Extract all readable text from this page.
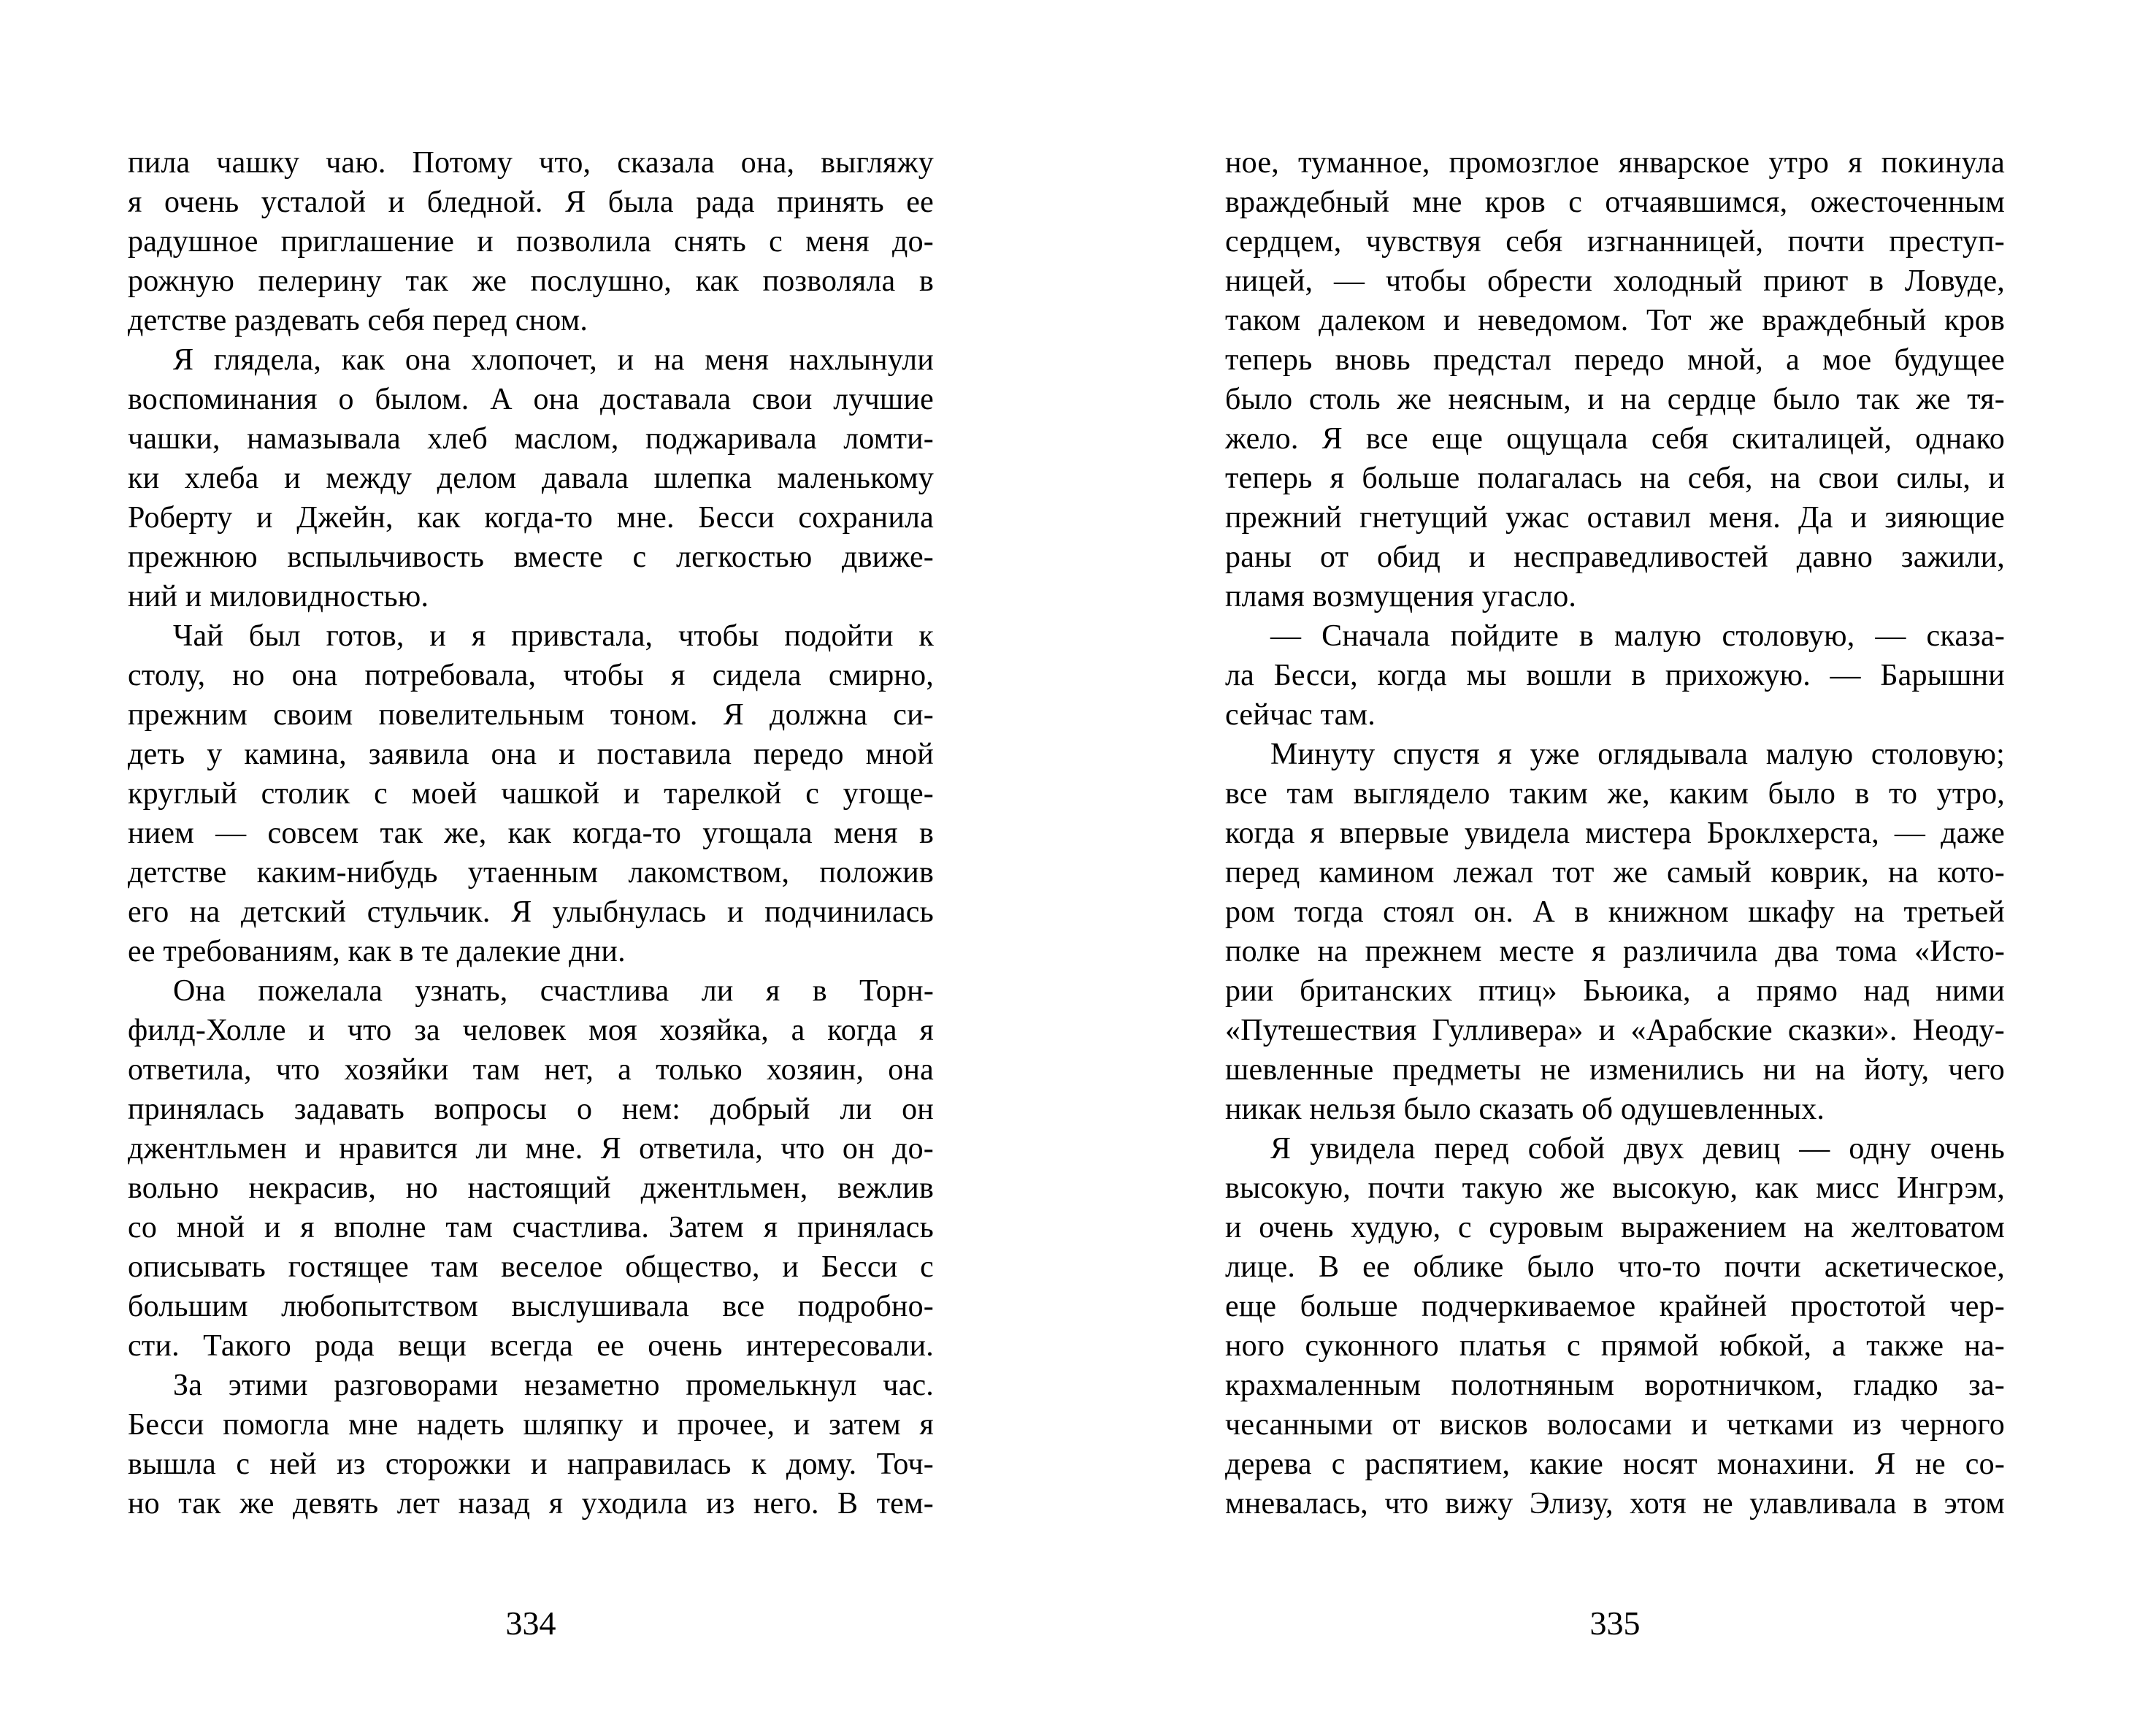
пила чашку чаю. Потому что, сказала она, выгляжу
я очень усталой и бледной. Я была рада принять ее
радушное приглашение и позволила снять с меня до-
рожную пелерину так же послушно, как позволяла в
детстве раздевать себя перед сном.
Я глядела, как она хлопочет, и на меня нахлынули
воспоминания о былом. А она доставала свои лучшие
чашки, намазывала хлеб маслом, поджаривала ломти-
ки хлеба и между делом давала шлепка маленькому
Роберту и Джейн, как когда-то мне. Бесси сохранила
прежнюю вспыльчивость вместе с легкостью движе-
ний и миловидностью.
Чай был готов, и я привстала, чтобы подойти к
столу, но она потребовала, чтобы я сидела смирно,
прежним своим повелительным тоном. Я должна си-
деть у камина, заявила она и поставила передо мной
круглый столик с моей чашкой и тарелкой с угоще-
нием — совсем так же, как когда-то угощала меня в
детстве каким-нибудь утаенным лакомством, положив
его на детский стульчик. Я улыбнулась и подчинилась
ее требованиям, как в те далекие дни.
Она пожелала узнать, счастлива ли я в Торн-
филд-Холле и что за человек моя хозяйка, а когда я
ответила, что хозяйки там нет, а только хозяин, она
принялась задавать вопросы о нем: добрый ли он
джентльмен и нравится ли мне. Я ответила, что он до-
вольно некрасив, но настоящий джентльмен, вежлив
со мной и я вполне там счастлива. Затем я принялась
описывать гостящее там веселое общество, и Бесси с
большим любопытством выслушивала все подробно-
сти. Такого рода вещи всегда ее очень интересовали.
За этими разговорами незаметно промелькнул час.
Бесси помогла мне надеть шляпку и прочее, и затем я
вышла с ней из сторожки и направилась к дому. Точ-
но так же девять лет назад я уходила из него. В тем-
ное, туманное, промозглое январское утро я покинула
враждебный мне кров с отчаявшимся, ожесточенным
сердцем, чувствуя себя изгнанницей, почти преступ-
ницей, — чтобы обрести холодный приют в Ловуде,
таком далеком и неведомом. Тот же враждебный кров
теперь вновь предстал передо мной, а мое будущее
было столь же неясным, и на сердце было так же тя-
жело. Я все еще ощущала себя скиталицей, однако
теперь я больше полагалась на себя, на свои силы, и
прежний гнетущий ужас оставил меня. Да и зияющие
раны от обид и несправедливостей давно зажили,
пламя возмущения угасло.
— Сначала пойдите в малую столовую, — сказа-
ла Бесси, когда мы вошли в прихожую. — Барышни
сейчас там.
Минуту спустя я уже оглядывала малую столовую;
все там выглядело таким же, каким было в то утро,
когда я впервые увидела мистера Броклхерста, — даже
перед камином лежал тот же самый коврик, на кото-
ром тогда стоял он. А в книжном шкафу на третьей
полке на прежнем месте я различила два тома «Исто-
рии британских птиц» Бьюика, а прямо над ними
«Путешествия Гулливера» и «Арабские сказки». Неоду-
шевленные предметы не изменились ни на йоту, чего
никак нельзя было сказать об одушевленных.
Я увидела перед собой двух девиц — одну очень
высокую, почти такую же высокую, как мисс Ингрэм,
и очень худую, с суровым выражением на желтоватом
лице. В ее облике было что-то почти аскетическое,
еще больше подчеркиваемое крайней простотой чер-
ного суконного платья с прямой юбкой, а также на-
крахмаленным полотняным воротничком, гладко за-
чесанными от висков волосами и четками из черного
дерева с распятием, какие носят монахини. Я не со-
мневалась, что вижу Элизу, хотя не улавливала в этом
334	335
